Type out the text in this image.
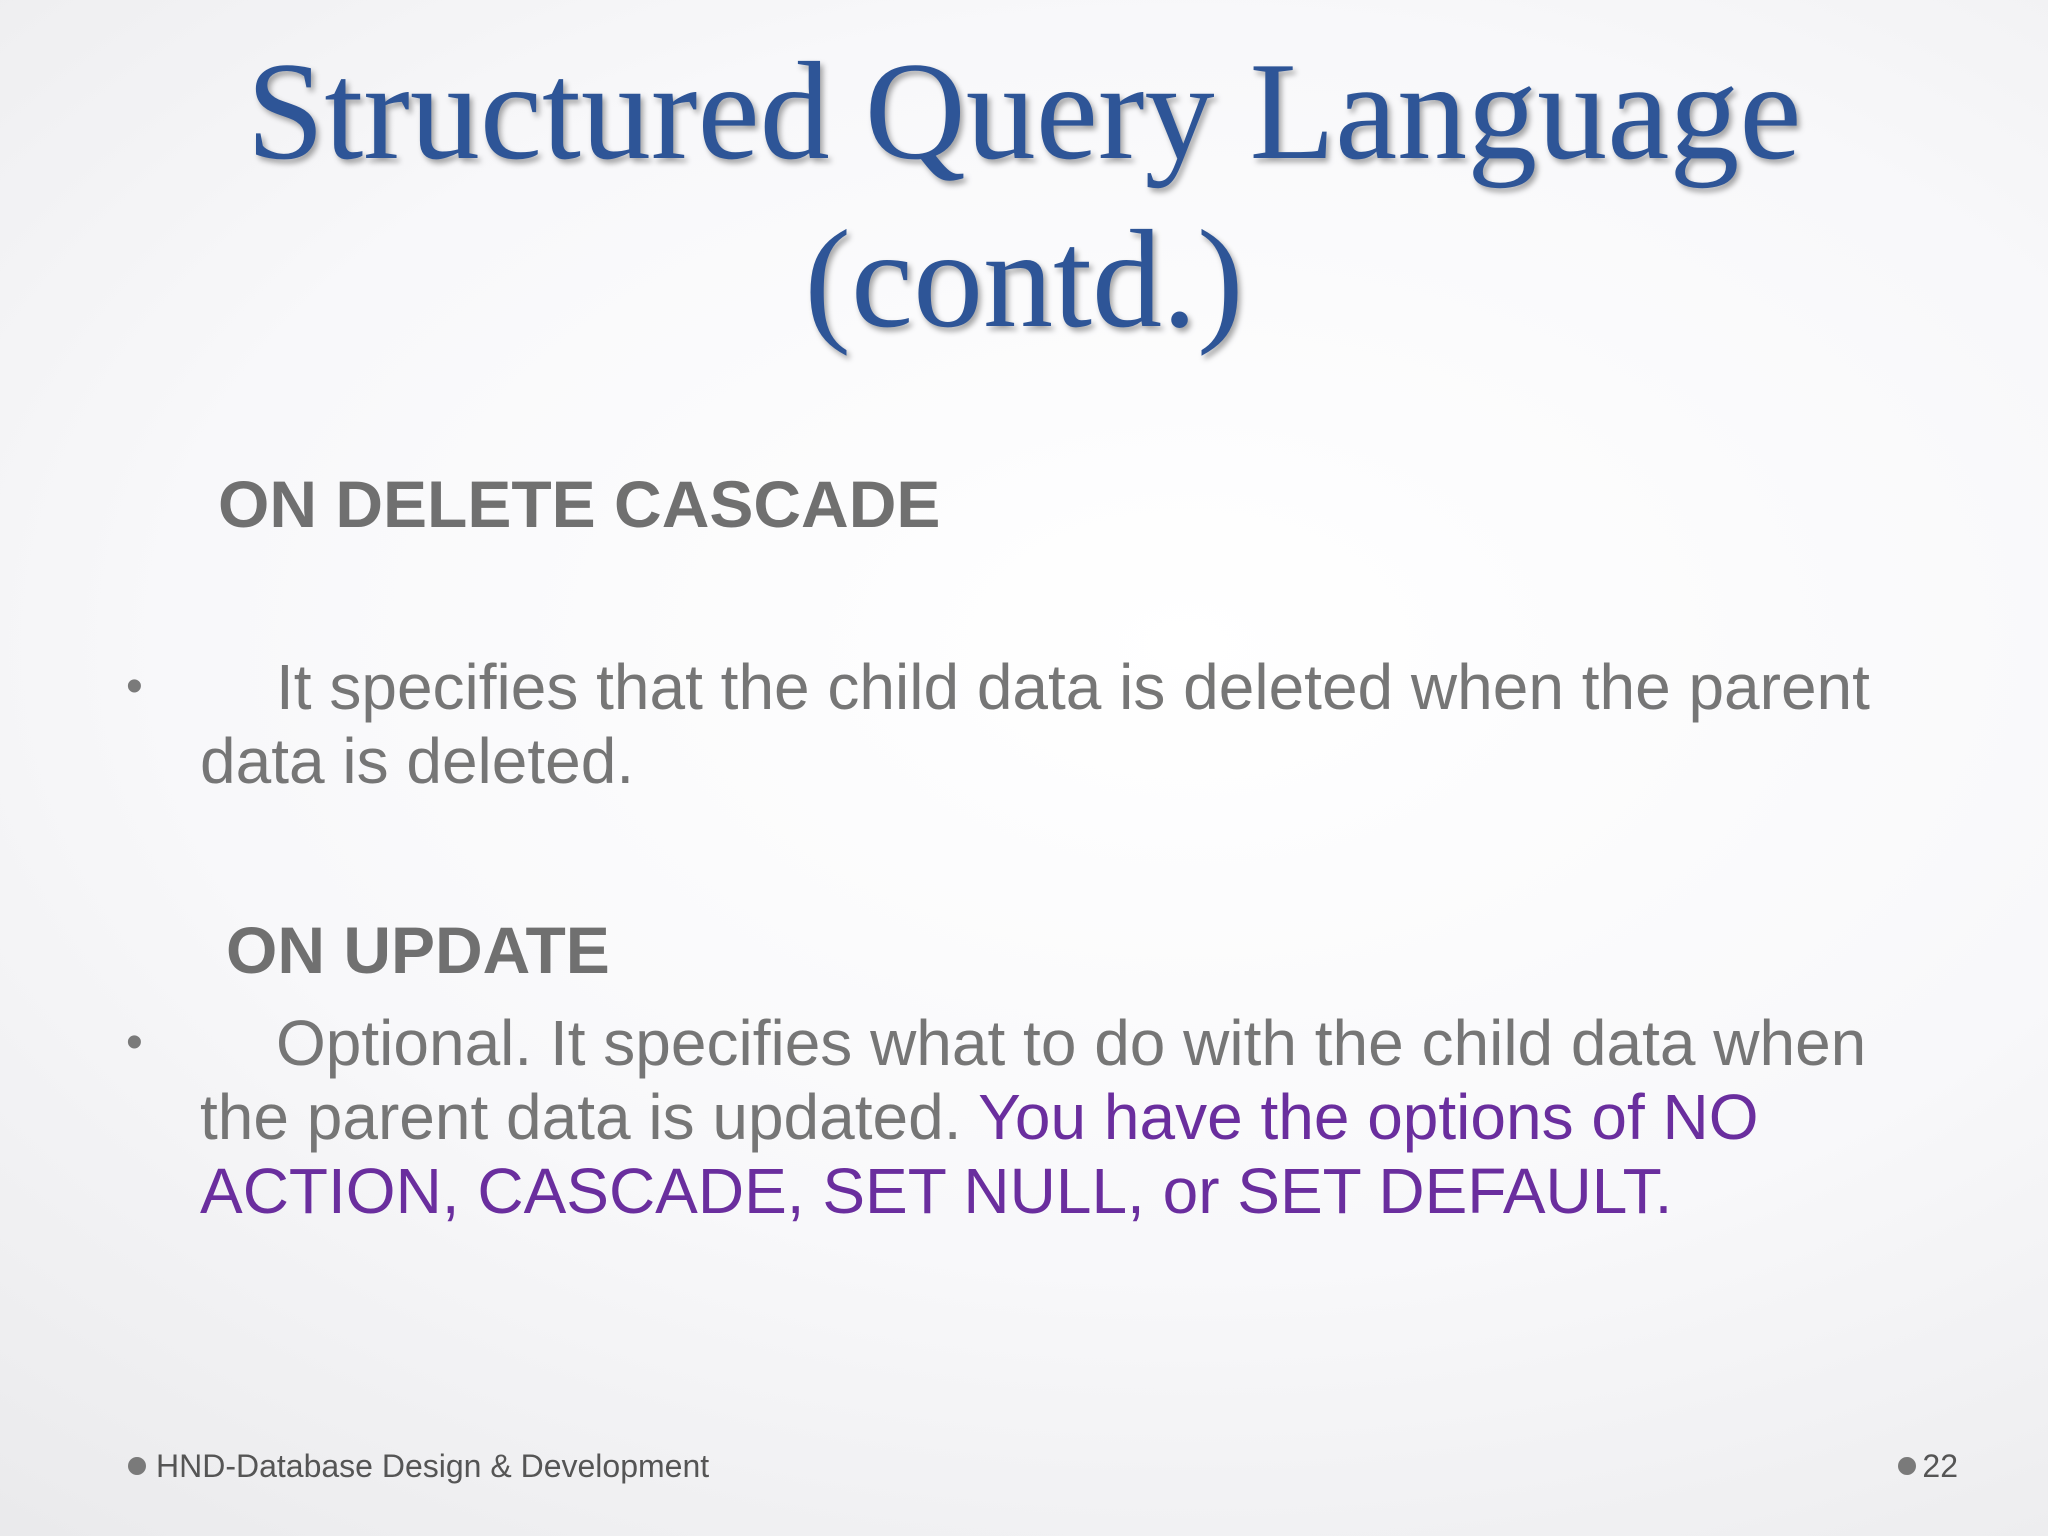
Structured Query Language
(contd.)
ON DELETE CASCADE
• It specifies that the child data is deleted when the parent data is deleted.
ON UPDATE
• Optional. It specifies what to do with the child data when the parent data is updated. You have the options of NO ACTION, CASCADE, SET NULL, or SET DEFAULT.
HND-Database Design & Development	22
